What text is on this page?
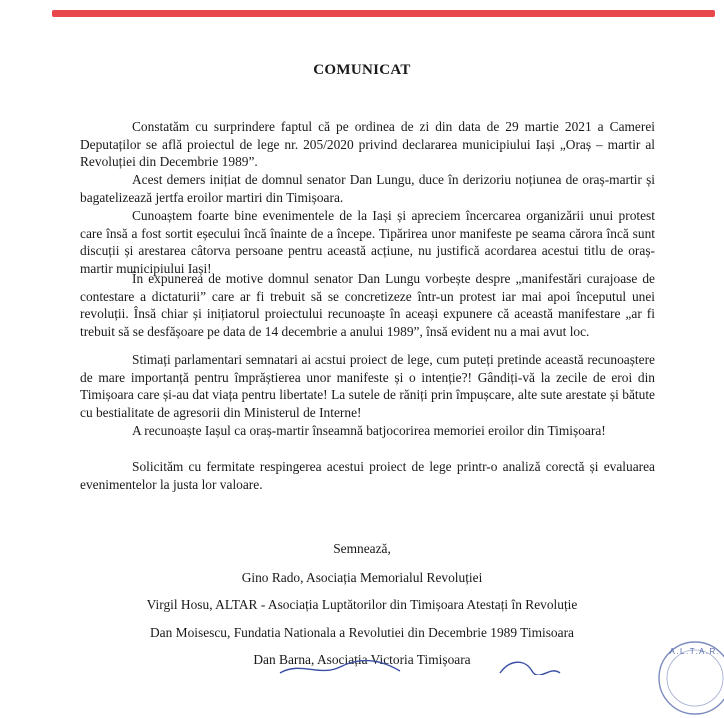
COMUNICAT

Constatăm cu surprindere faptul că pe ordinea de zi din data de 29 martie 2021 a Camerei Deputaților se află proiectul de lege nr. 205/2020 privind declararea municipiului Iași „Oraș – martir al Revoluției din Decembrie 1989”.

Acest demers inițiat de domnul senator Dan Lungu, duce în derizoriu noțiunea de oraș-martir și bagatelizează jertfa eroilor martiri din Timișoara.

Cunoaștem foarte bine evenimentele de la Iași și apreciem încercarea organizării unui protest care însă a fost sortit eșecului încă înainte de a începe. Tipărirea unor manifeste pe seama cărora încă sunt discuții și arestarea câtorva persoane pentru această acțiune, nu justifică acordarea acestui titlu de oraș-martir municipiului Iași!

În expunerea de motive domnul senator Dan Lungu vorbește despre „manifestări curajoase de contestare a dictaturii” care ar fi trebuit să se concretizeze într-un protest iar mai apoi începutul unei revoluții. Însă chiar și inițiatorul proiectului recunoaște în aceași expunere că această manifestare „ar fi trebuit să se desfășoare pe data de 14 decembrie a anului 1989”, însă evident nu a mai avut loc.

Stimați parlamentari semnatari ai acstui proiect de lege, cum puteți pretinde această recunoaștere de mare importanță pentru împrăștierea unor manifeste și o intenție?! Gândiți-vă la zecile de eroi din Timișoara care și-au dat viața pentru libertate! La sutele de răniți prin împușcare, alte sute arestate și bătute cu bestialitate de agresorii din Ministerul de Interne!

A recunoaște Iașul ca oraș-martir înseamnă batjocorirea memoriei eroilor din Timișoara!

Solicităm cu fermitate respingerea acestui proiect de lege printr-o analiză corectă și evaluarea evenimentelor la justa lor valoare.

Semnează,
Gino Rado, Asociația Memorialul Revoluției
Virgil Hosu, ALTAR - Asociația Luptătorilor din Timișoara Atestați în Revoluție
Dan Moisescu, Fundatia Nationala a Revolutiei din Decembrie 1989 Timisoara
Dan Barna, Asociația Victoria Timișoara
A.L.T.A.R.
